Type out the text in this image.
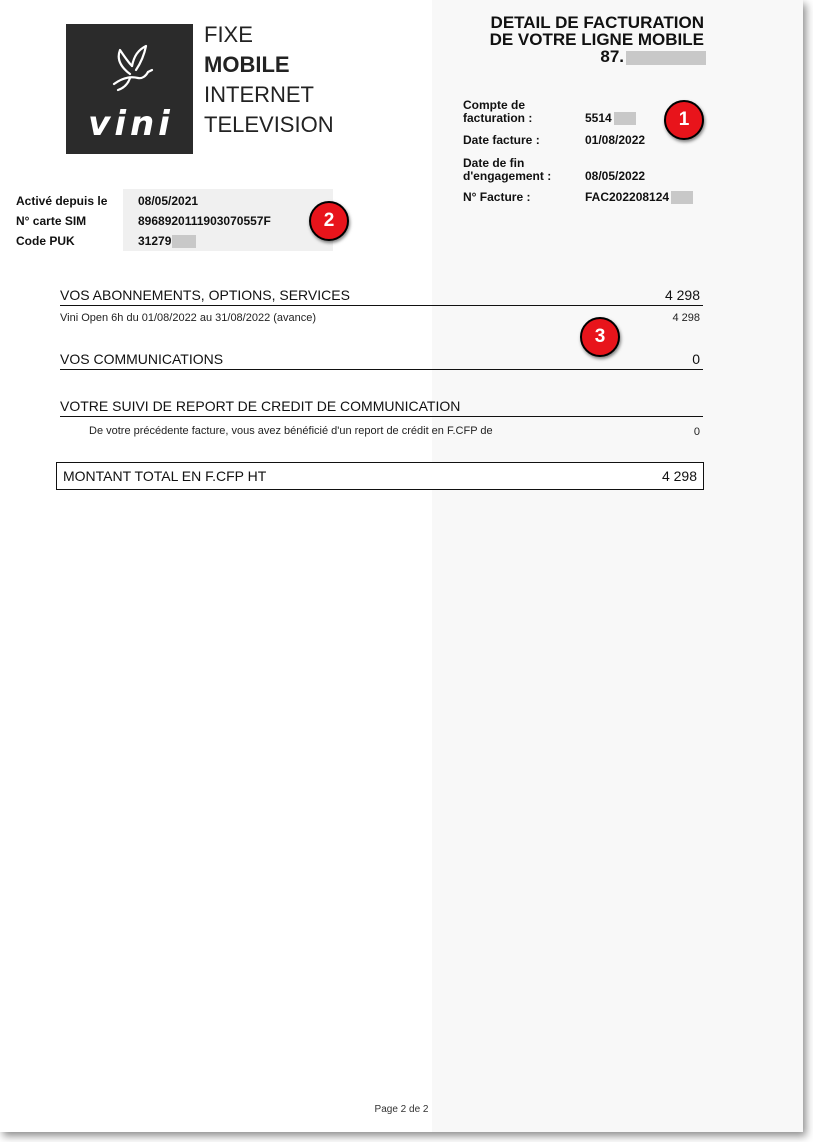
vini
FIXE
MOBILE
INTERNET
TELEVISION
DETAIL DE FACTURATION
DE VOTRE LIGNE MOBILE
87.
Compte de facturation :	5514
Date facture :	01/08/2022
Date de fin d'engagement :	08/05/2022
N° Facture :	FAC202208124
1
Activé depuis le	08/05/2021
N° carte SIM	8968920111903070557F
Code PUK	31279
2
VOS ABONNEMENTS, OPTIONS, SERVICES	4 298
Vini Open 6h du 01/08/2022 au 31/08/2022 (avance)	4 298
3
VOS COMMUNICATIONS	0
VOTRE SUIVI DE REPORT DE CREDIT DE COMMUNICATION
De votre précédente facture, vous avez bénéficié d'un report de crédit en F.CFP de	0
MONTANT TOTAL EN F.CFP HT	4 298
Page 2 de 2
